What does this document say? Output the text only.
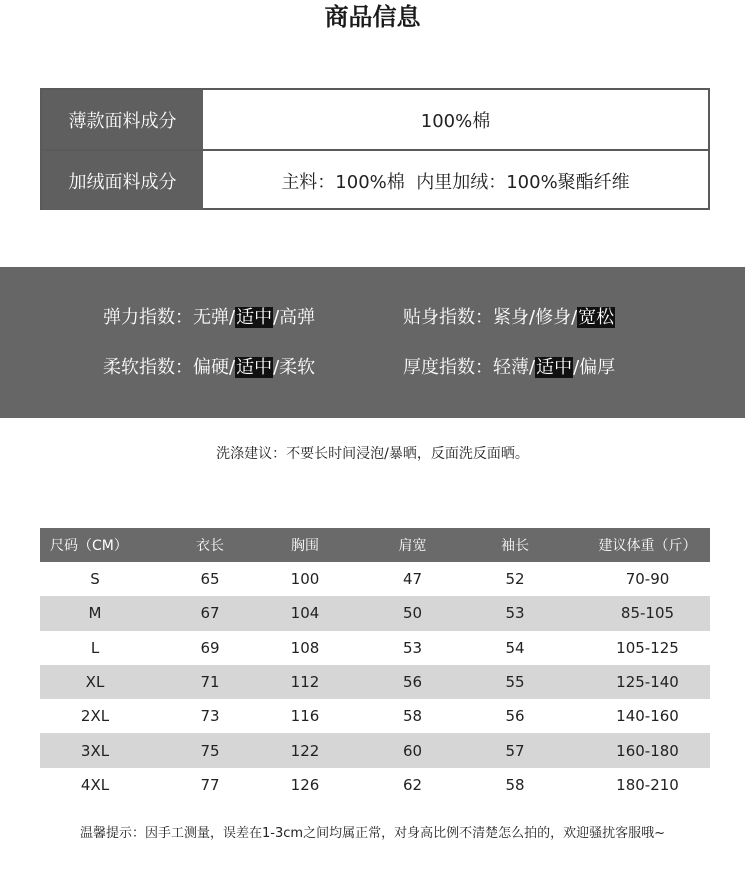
商品信息
薄款面料成分	100%棉
加绒面料成分	主料：100%棉  内里加绒：100%聚酯纤维
弹力指数：无弹/适中/高弹	贴身指数：紧身/修身/宽松
柔软指数：偏硬/适中/柔软	厚度指数：轻薄/适中/偏厚
洗涤建议：不要长时间浸泡/暴晒，反面洗反面晒。
尺码（CM）	衣长	胸围	肩宽	袖长	建议体重（斤）
S	65	100	47	52	70-90
M	67	104	50	53	85-105
L	69	108	53	54	105-125
XL	71	112	56	55	125-140
2XL	73	116	58	56	140-160
3XL	75	122	60	57	160-180
4XL	77	126	62	58	180-210
温馨提示：因手工测量，误差在1-3cm之间均属正常，对身高比例不清楚怎么拍的，欢迎骚扰客服哦~
